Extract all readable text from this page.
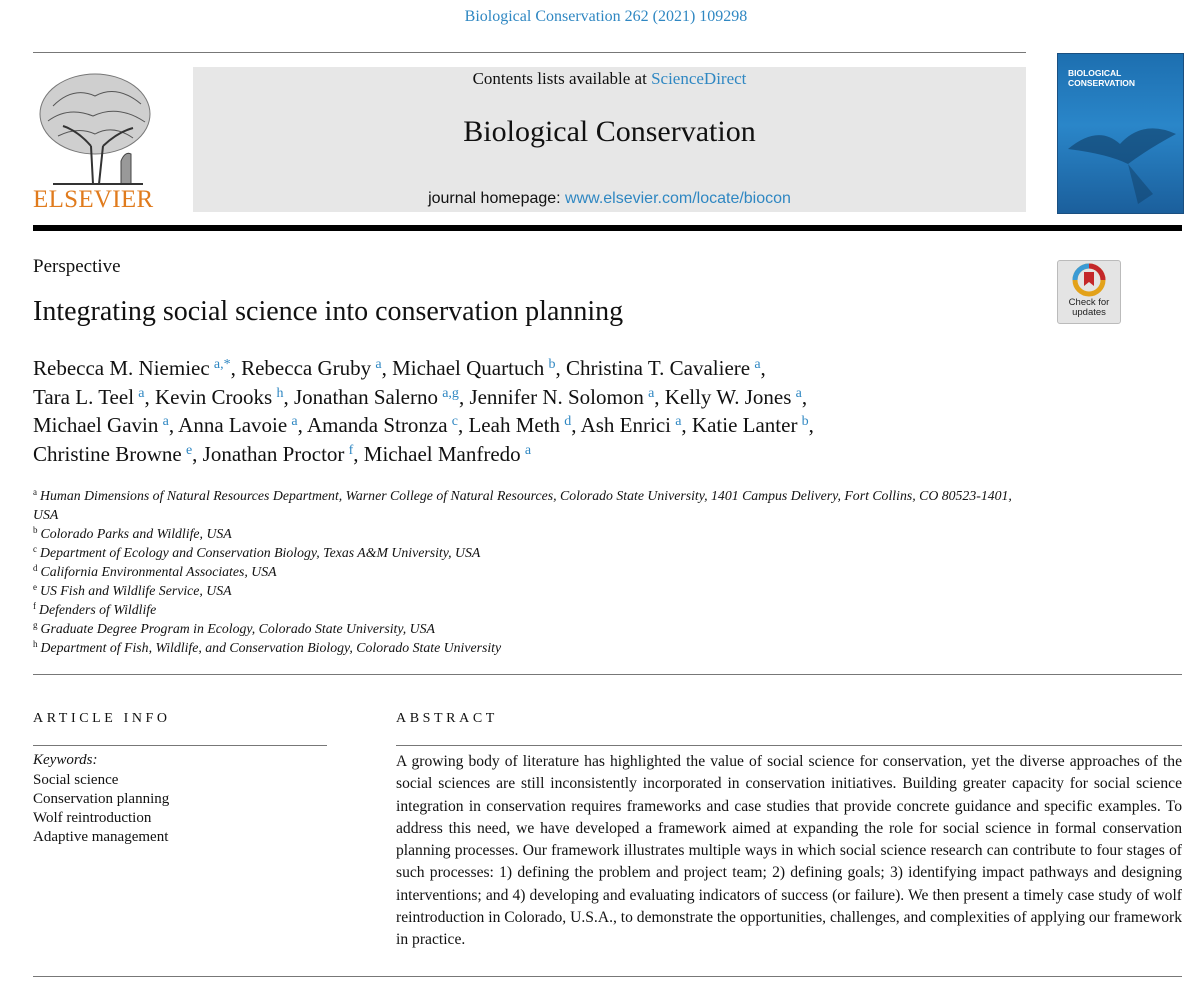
Biological Conservation 262 (2021) 109298
ELSEVIER
Contents lists available at ScienceDirect
Biological Conservation
journal homepage: www.elsevier.com/locate/biocon
BIOLOGICAL CONSERVATION
Perspective
Integrating social science into conservation planning	Check for updates
Rebecca M. Niemiec  $^{a,*}$, Rebecca Gruby  $^a$, Michael Quartuch  $^b$, Christina T. Cavaliere  $^a$,
Tara L. Teel  $^a$, Kevin Crooks  $^h$, Jonathan Salerno  $^{a,g}$, Jennifer N. Solomon  $^a$, Kelly W. Jones  $^a$,
Michael Gavin  $^a$, Anna Lavoie  $^a$, Amanda Stronza  $^c$, Leah Meth  $^d$, Ash Enrici  $^a$, Katie Lanter  $^b$,
Christine Browne  $^e$, Jonathan Proctor  $^f$, Michael Manfredo  $^a$
$^a$ Human Dimensions of Natural Resources Department, Warner College of Natural Resources, Colorado State University, 1401 Campus Delivery, Fort Collins, CO 80523-1401, USA
$^b$ Colorado Parks and Wildlife, USA
$^c$ Department of Ecology and Conservation Biology, Texas A&M University, USA
$^d$ California Environmental Associates, USA
$^e$ US Fish and Wildlife Service, USA
$^f$ Defenders of Wildlife
$^g$ Graduate Degree Program in Ecology, Colorado State University, USA
$^h$ Department of Fish, Wildlife, and Conservation Biology, Colorado State University
ARTICLE INFO	ABSTRACT
Keywords:
Social science
Conservation planning
Wolf reintroduction
Adaptive management
A growing body of literature has highlighted the value of social science for conservation, yet the diverse approaches of the social sciences are still inconsistently incorporated in conservation initiatives. Building greater capacity for social science integration in conservation requires frameworks and case studies that provide concrete guidance and specific examples. To address this need, we have developed a framework aimed at expanding the role for social science in formal conservation planning processes. Our framework illustrates multiple ways in which social science research can contribute to four stages of such processes: 1) defining the problem and project team; 2) defining goals; 3) identifying impact pathways and designing interventions; and 4) developing and evaluating indicators of success (or failure). We then present a timely case study of wolf reintroduction in Colorado, U.S.A., to demonstrate the opportunities, challenges, and complexities of applying our framework in practice.
